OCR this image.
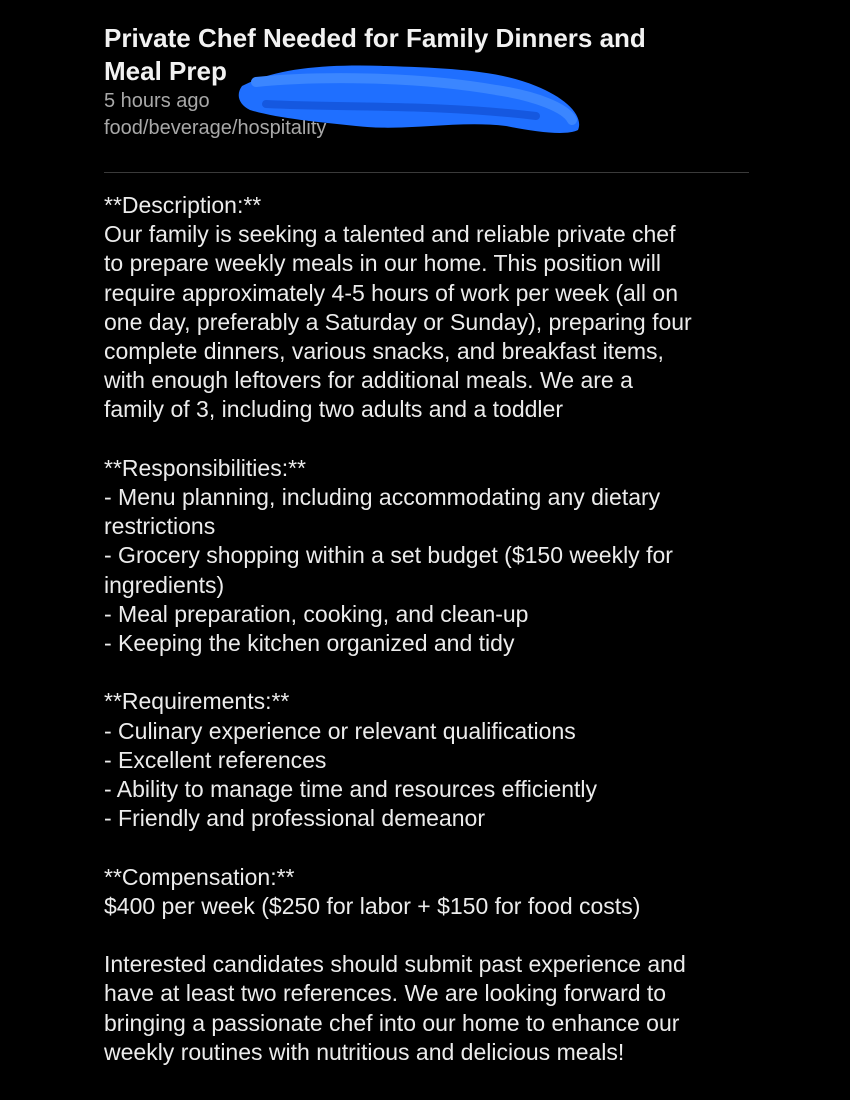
Private Chef Needed for Family Dinners and
Meal Prep
5 hours ago
food/beverage/hospitality
**Description:**
Our family is seeking a talented and reliable private chef
to prepare weekly meals in our home. This position will
require approximately 4-5 hours of work per week (all on
one day, preferably a Saturday or Sunday), preparing four
complete dinners, various snacks, and breakfast items,
with enough leftovers for additional meals. We are a
family of 3, including two adults and a toddler
**Responsibilities:**
- Menu planning, including accommodating any dietary
restrictions
- Grocery shopping within a set budget ($150 weekly for
ingredients)
- Meal preparation, cooking, and clean-up
- Keeping the kitchen organized and tidy
**Requirements:**
- Culinary experience or relevant qualifications
- Excellent references
- Ability to manage time and resources efficiently
- Friendly and professional demeanor
**Compensation:**
$400 per week ($250 for labor + $150 for food costs)
Interested candidates should submit past experience and
have at least two references. We are looking forward to
bringing a passionate chef into our home to enhance our
weekly routines with nutritious and delicious meals!
